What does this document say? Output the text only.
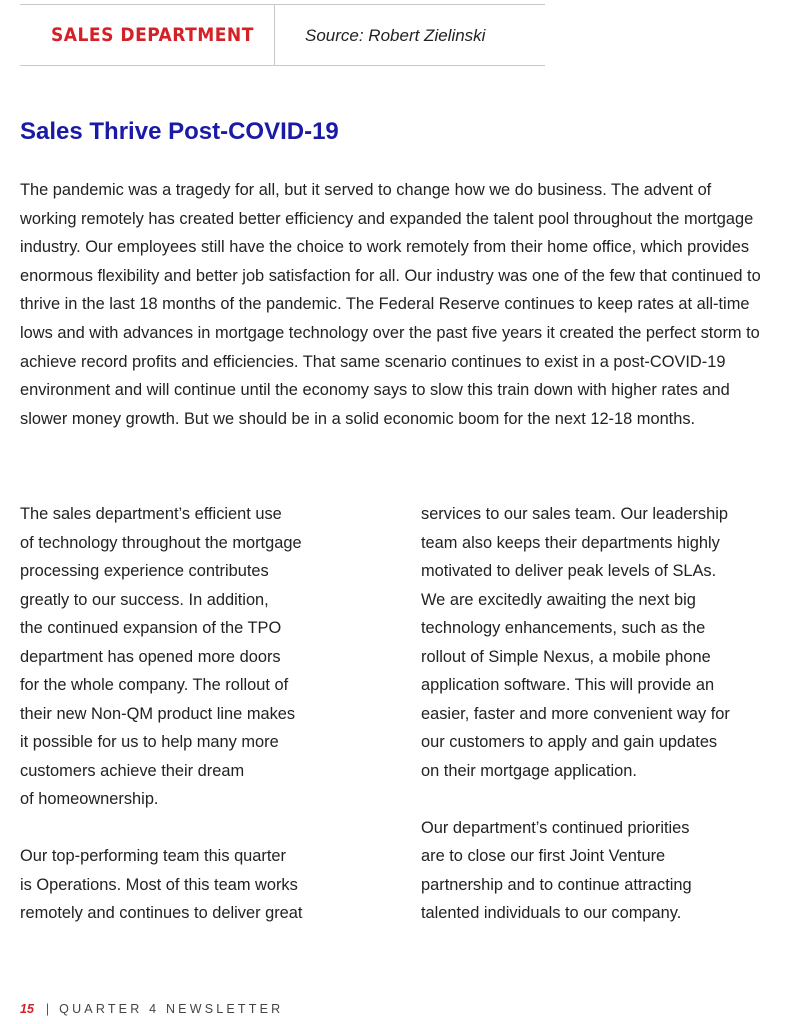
SALES DEPARTMENT	Source: Robert Zielinski
Sales Thrive Post-COVID-19

The pandemic was a tragedy for all, but it served to change how we do business. The advent of working remotely has created better efficiency and expanded the talent pool throughout the mortgage industry. Our employees still have the choice to work remotely from their home office, which provides enormous flexibility and better job satisfaction for all. Our industry was one of the few that continued to thrive in the last 18 months of the pandemic. The Federal Reserve continues to keep rates at all-time lows and with advances in mortgage technology over the past five years it created the perfect storm to achieve record profits and efficiencies. That same scenario continues to exist in a post-COVID-19 environment and will continue until the economy says to slow this train down with higher rates and slower money growth. But we should be in a solid economic boom for the next 12-18 months.

The sales department’s efficient use
of technology throughout the mortgage
processing experience contributes
greatly to our success. In addition,
the continued expansion of the TPO
department has opened more doors
for the whole company. The rollout of
their new Non-QM product line makes
it possible for us to help many more
customers achieve their dream
of homeownership.

Our top-performing team this quarter
is Operations. Most of this team works
remotely and continues to deliver great

services to our sales team. Our leadership
team also keeps their departments highly
motivated to deliver peak levels of SLAs.
We are excitedly awaiting the next big
technology enhancements, such as the
rollout of Simple Nexus, a mobile phone
application software. This will provide an
easier, faster and more convenient way for
our customers to apply and gain updates
on their mortgage application.

Our department’s continued priorities
are to close our first Joint Venture
partnership and to continue attracting
talented individuals to our company.

15 | QUARTER 4 NEWSLETTER
